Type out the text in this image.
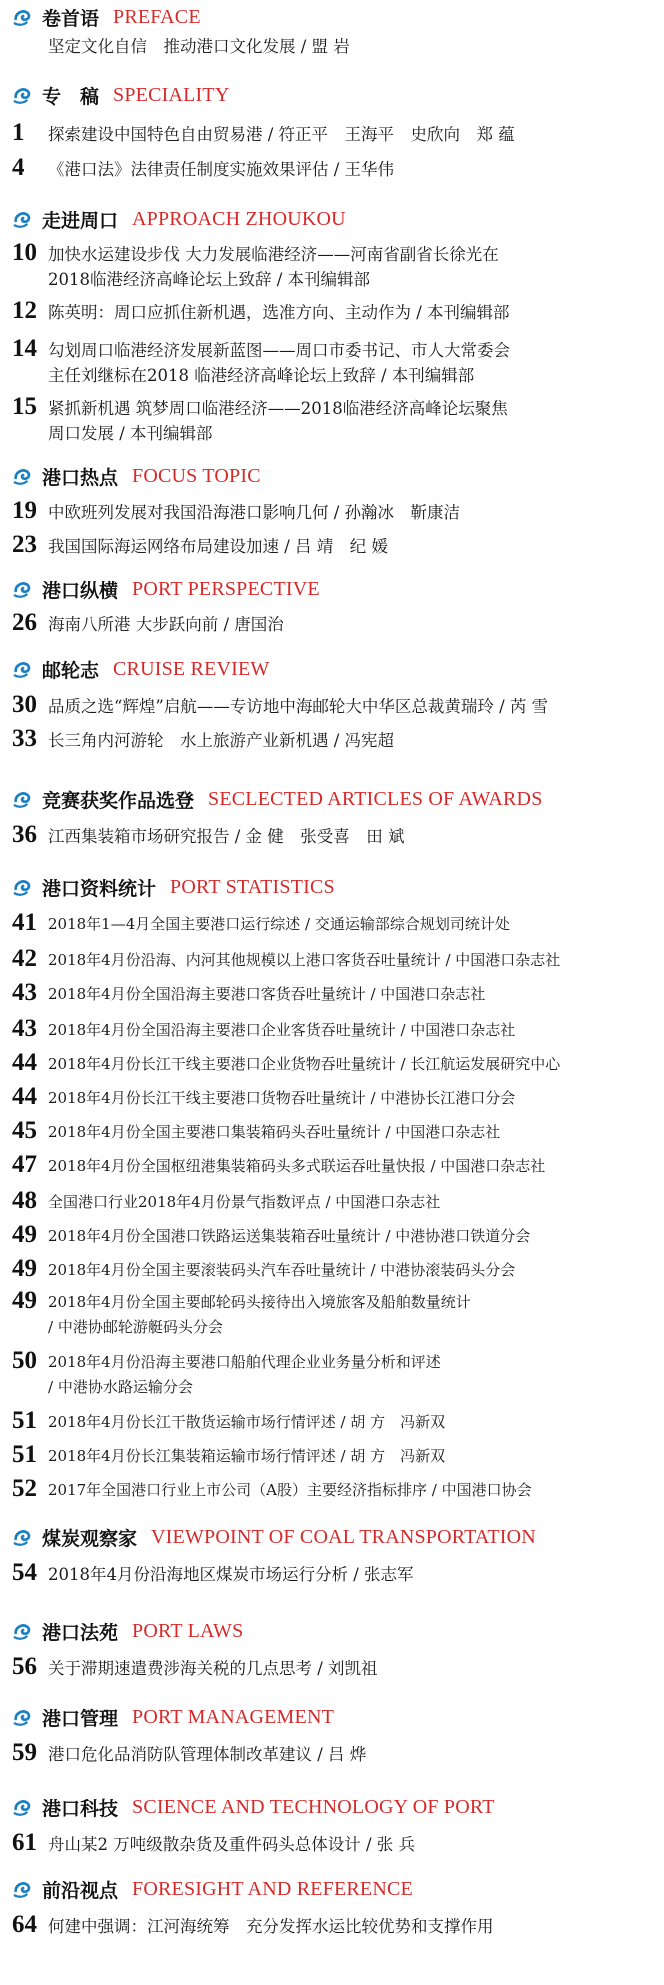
卷首语 PREFACE
坚定文化自信　推动港口文化发展 / 盟 岩
专　稿 SPECIALITY
1	探索建设中国特色自由贸易港 / 符正平　王海平　史欣向　郑 蕴
4	《港口法》法律责任制度实施效果评估 / 王华伟
走进周口 APPROACH ZHOUKOU
10 加快水运建设步伐 大力发展临港经济——河南省副省长徐光在
2018临港经济高峰论坛上致辞 / 本刊编辑部
12 陈英明：周口应抓住新机遇，选准方向、主动作为 / 本刊编辑部
14 勾划周口临港经济发展新蓝图——周口市委书记、市人大常委会
主任刘继标在2018 临港经济高峰论坛上致辞 / 本刊编辑部
15 紧抓新机遇 筑梦周口临港经济——2018临港经济高峰论坛聚焦
周口发展 / 本刊编辑部
港口热点 FOCUS TOPIC
19 中欧班列发展对我国沿海港口影响几何 / 孙瀚冰　靳康洁
23 我国国际海运网络布局建设加速 / 吕 靖　纪 媛
港口纵横 PORT PERSPECTIVE
26 海南八所港 大步跃向前 / 唐国治
邮轮志 CRUISE REVIEW
30 品质之选“辉煌”启航——专访地中海邮轮大中华区总裁黄瑞玲 / 芮 雪
33 长三角内河游轮　水上旅游产业新机遇 / 冯宪超
竞赛获奖作品选登 SECLECTED ARTICLES OF AWARDS
36 江西集装箱市场研究报告 / 金 健　张受喜　田 斌
港口资料统计 PORT STATISTICS
41 2018年1—4月全国主要港口运行综述 / 交通运输部综合规划司统计处
42 2018年4月份沿海、内河其他规模以上港口客货吞吐量统计 / 中国港口杂志社
43 2018年4月份全国沿海主要港口客货吞吐量统计 / 中国港口杂志社
43 2018年4月份全国沿海主要港口企业客货吞吐量统计 / 中国港口杂志社
44 2018年4月份长江干线主要港口企业货物吞吐量统计 / 长江航运发展研究中心
44 2018年4月份长江干线主要港口货物吞吐量统计 / 中港协长江港口分会
45 2018年4月份全国主要港口集装箱码头吞吐量统计 / 中国港口杂志社
47 2018年4月份全国枢纽港集装箱码头多式联运吞吐量快报 / 中国港口杂志社
48 全国港口行业2018年4月份景气指数评点 / 中国港口杂志社
49 2018年4月份全国港口铁路运送集装箱吞吐量统计 / 中港协港口铁道分会
49 2018年4月份全国主要滚装码头汽车吞吐量统计 / 中港协滚装码头分会
49 2018年4月份全国主要邮轮码头接待出入境旅客及船舶数量统计
/ 中港协邮轮游艇码头分会
50 2018年4月份沿海主要港口船舶代理企业业务量分析和评述
/ 中港协水路运输分会
51 2018年4月份长江干散货运输市场行情评述 / 胡 方　冯新双
51 2018年4月份长江集装箱运输市场行情评述 / 胡 方　冯新双
52 2017年全国港口行业上市公司（A股）主要经济指标排序 / 中国港口协会
煤炭观察家 VIEWPOINT OF COAL TRANSPORTATION
54 2018年4月份沿海地区煤炭市场运行分析 / 张志军
港口法苑 PORT LAWS
56 关于滞期速遣费涉海关税的几点思考 / 刘凯祖
港口管理 PORT MANAGEMENT
59 港口危化品消防队管理体制改革建议 / 吕 烨
港口科技 SCIENCE AND TECHNOLOGY OF PORT
61 舟山某2 万吨级散杂货及重件码头总体设计 / 张 兵
前沿视点 FORESIGHT AND REFERENCE
64 何建中强调：江河海统筹　充分发挥水运比较优势和支撑作用
